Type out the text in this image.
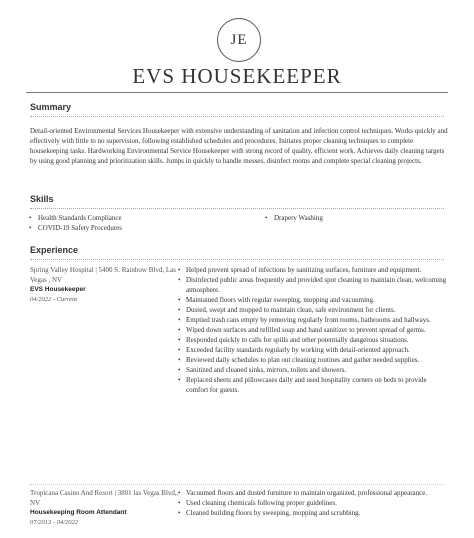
JE
EVS HOUSEKEEPER
Summary

Detail-oriented Environmental Services Housekeeper with extensive understanding of sanitation and infection control techniques. Works quickly and effectively with little to no supervision, following established schedules and procedures. Initiates proper cleaning techniques to complete housekeeping tasks. Hardworking Environmental Service Housekeeper with strong record of quality, efficient work. Achieves daily cleaning targets by using good planning and prioritization skills. Jumps in quickly to handle messes, disinfect rooms and complete special cleaning projects.

Skills
• Health Standards Compliance
• COVID-19 Safety Procedures
• Drapery Washing
Experience
Spring Valley Hospital | 5400 S. Rainbow Blvd, Las Vegas , NV
EVS Housekeeper
04/2022 - Current
• Helped prevent spread of infections by sanitizing surfaces, furniture and equipment.
• Disinfected public areas frequently and provided spot cleaning to maintain clean, welcoming atmosphere.
• Maintained floors with regular sweeping, mopping and vacuuming.
• Dusted, swept and mopped to maintain clean, safe environment for clients.
• Emptied trash cans empty by removing regularly from rooms, bathrooms and hallways.
• Wiped down surfaces and refilled soap and hand sanitizer to prevent spread of germs.
• Responded quickly to calls for spills and other potentially dangerous situations.
• Exceeded facility standards regularly by working with detail-oriented approach.
• Reviewed daily schedules to plan out cleaning routines and gather needed supplies.
• Sanitized and cleaned sinks, mirrors, toilets and showers.
• Replaced sheets and pillowcases daily and used hospitality corners on beds to provide comfort for guests.
Tropicana Casino And Resort | 3801 las Vegas Blvd,, NV
Housekeeping Room Attendant
07/2013 - 04/2022
• Vacuumed floors and dusted furniture to maintain organized, professional appearance.
• Used cleaning chemicals following proper guidelines.
• Cleaned building floors by sweeping, mopping and scrubbing.
